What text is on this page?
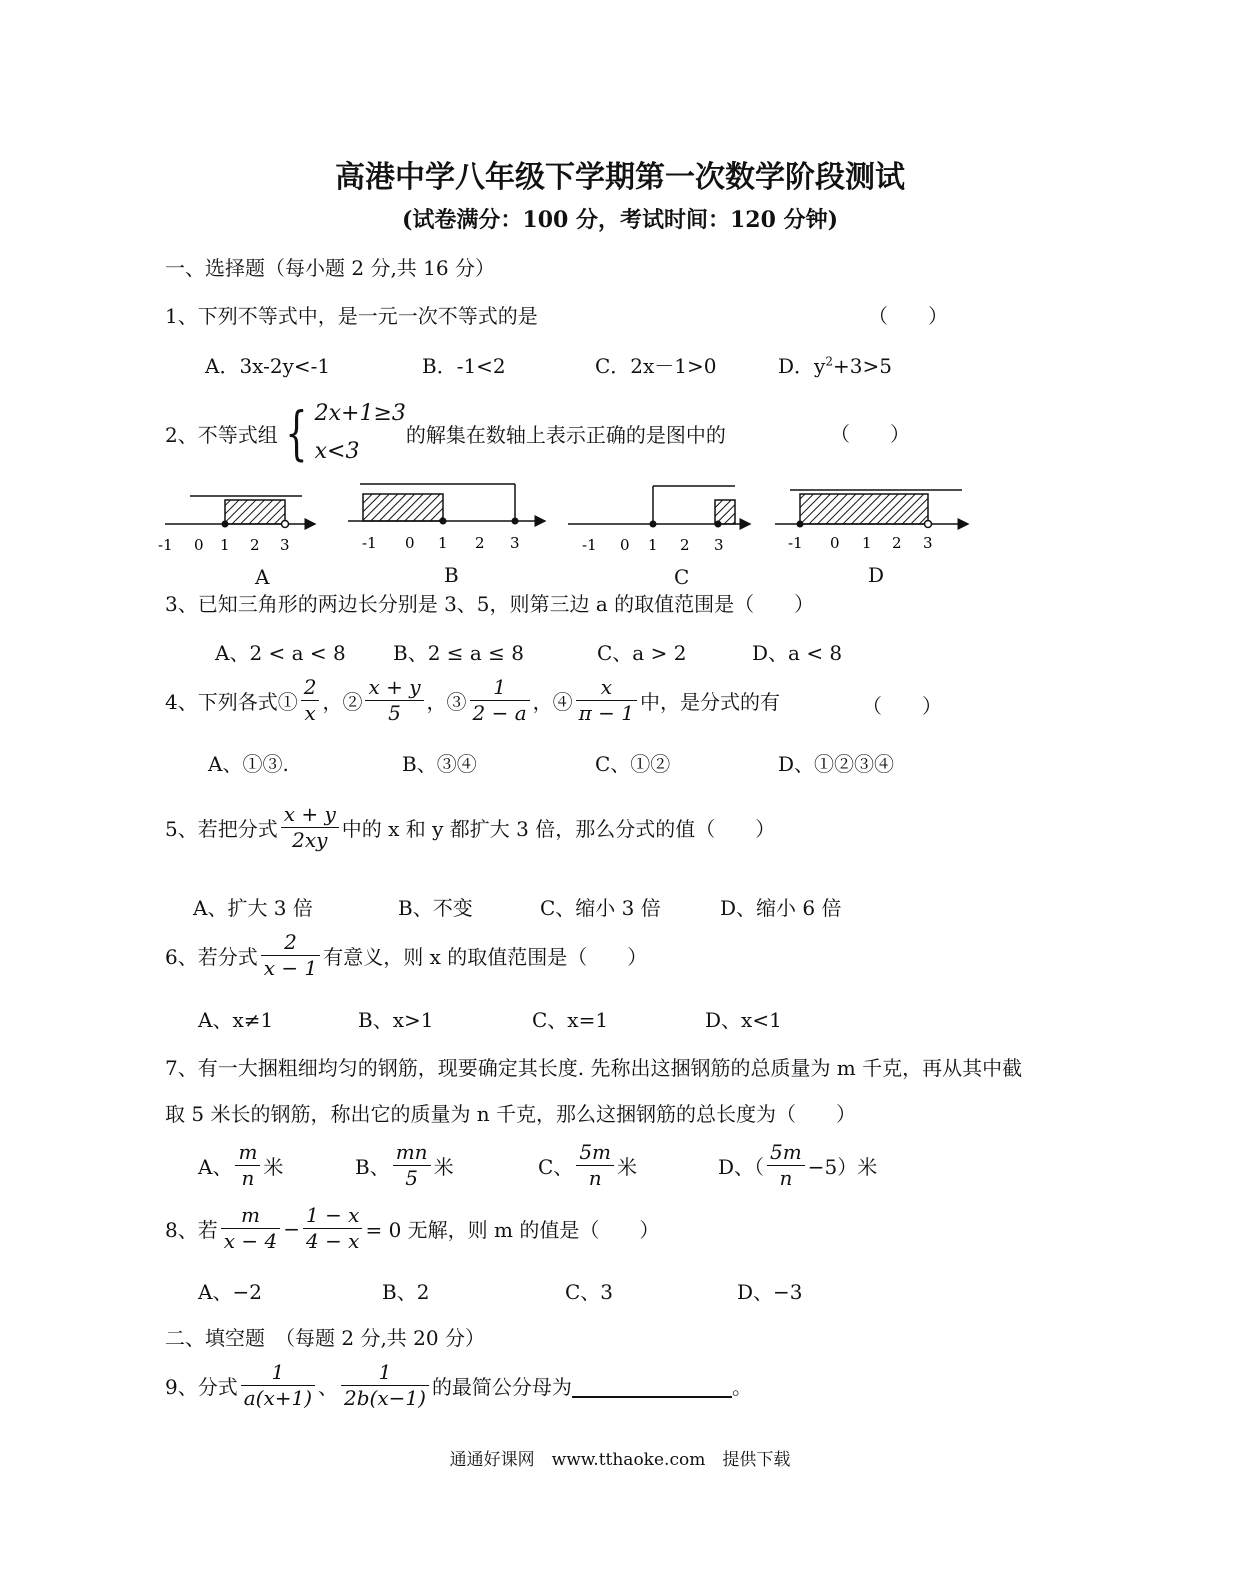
高港中学八年级下学期第一次数学阶段测试
(试卷满分：100 分，考试时间：120 分钟)
一、选择题（每小题 2 分,共 16 分）
1、下列不等式中，是一元一次不等式的是	（　　）
A．3x-2y<-1	B．-1<2	C．2x－1>0	D．$y^2+3>5$
2、不等式组 { 2x+1≥3
x<3
的解集在数轴上表示正确的是图中的	（　　）
-1 0 1 2 3	-1 0 1 2 3	-1 0 1 2 3	-1 0 1 2 3
A	B	C	D
3、已知三角形的两边长分别是 3、5，则第三边 a 的取值范围是（　　）
A、2 < a < 8 B、2 ≤ a ≤ 8	C、a > 2	D、a < 8
4、下列各式① $\frac{2}{x}$ ，② $\frac{x + y}{5}$ ，③ $\frac{1}{2 - a}$ ，④ $\frac{x}{\pi - 1}$ 中，是分式的有	（　　）
A、①③.	B、③④	C、①②	D、①②③④
5、若把分式 $\frac{x + y}{2xy}$ 中的 x 和 y 都扩大 3 倍，那么分式的值（　　）
A、扩大 3 倍	B、不变	C、缩小 3 倍	D、缩小 6 倍
6、若分式 $\frac{2}{x - 1}$ 有意义，则 x 的取值范围是（　　）
A、x≠1	B、x>1	C、x=1	D、x<1
7、有一大捆粗细均匀的钢筋，现要确定其长度. 先称出这捆钢筋的总质量为 m 千克，再从其中截
取 5 米长的钢筋，称出它的质量为 n 千克，那么这捆钢筋的总长度为（　　）
A、 $\frac{m}{n}$ 米	B、 $\frac{mn}{5}$ 米	C、 $\frac{5m}{n}$ 米	D、（ $\frac{5m}{n} -5$）米
8、若 $\frac{m}{x - 4} - \frac{1 - x}{4 - x} = 0$ 无解，则 m 的值是（　　）
A、−2	B、2	C、3	D、−3
二、填空题　（每题 2 分,共 20 分）
9、分式 $\frac{1}{a(x+1)}$ 、 $\frac{1}{2b(x-1)}$ 的最简公分母为	。
通通好课网　www.tthaoke.com　提供下载
